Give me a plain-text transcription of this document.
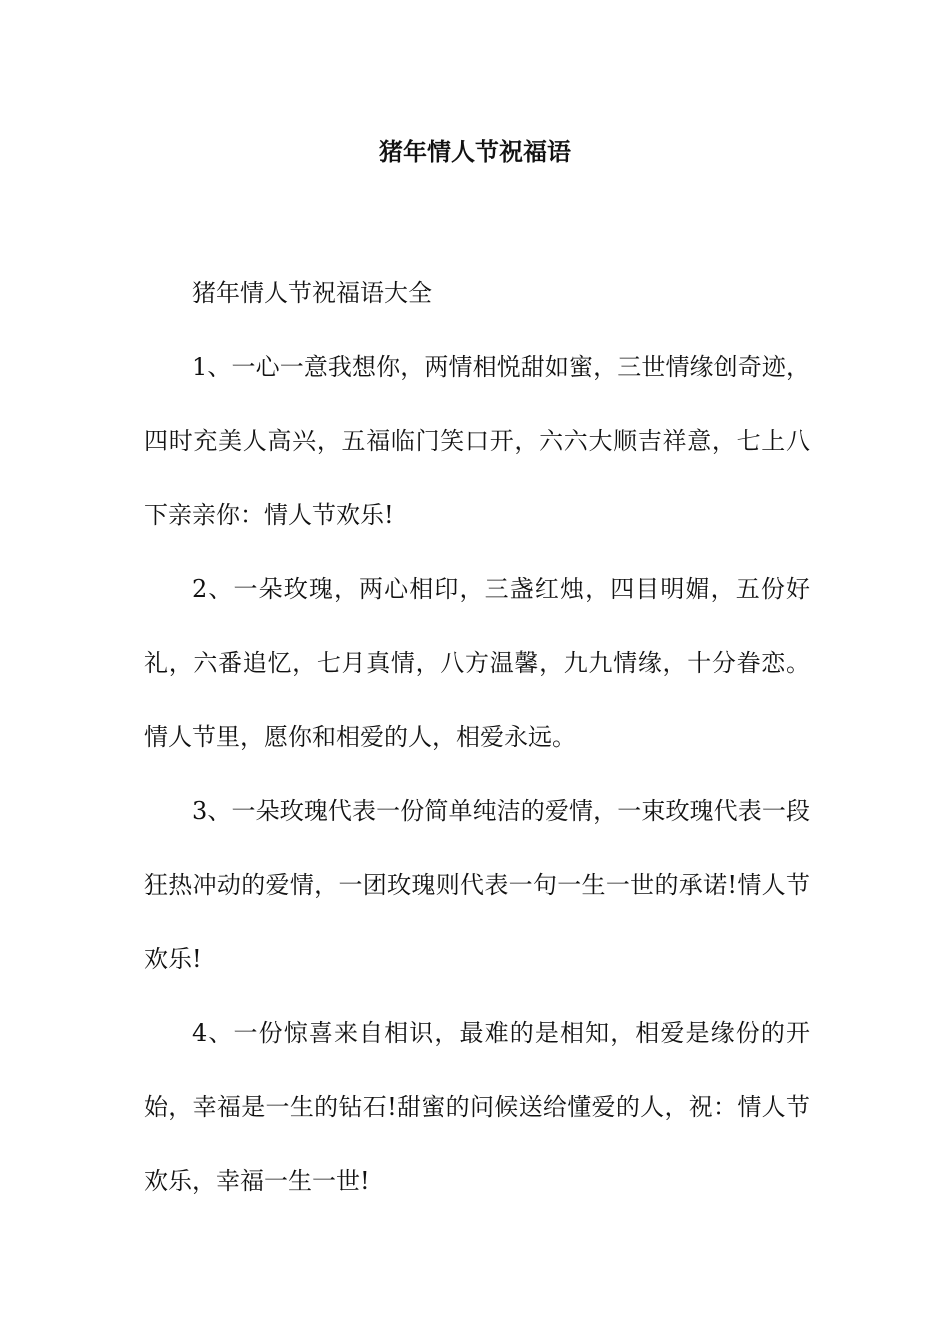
猪年情人节祝福语

猪年情人节祝福语大全

1、一心一意我想你，两情相悦甜如蜜，三世情缘创奇迹，四时充美人高兴，五福临门笑口开，六六大顺吉祥意，七上八下亲亲你：情人节欢乐!

2、一朵玫瑰，两心相印，三盏红烛，四目明媚，五份好礼，六番追忆，七月真情，八方温馨，九九情缘，十分眷恋。情人节里，愿你和相爱的人，相爱永远。

3、一朵玫瑰代表一份简单纯洁的爱情，一束玫瑰代表一段狂热冲动的爱情，一团玫瑰则代表一句一生一世的承诺!情人节欢乐!

4、一份惊喜来自相识，最难的是相知，相爱是缘份的开始，幸福是一生的钻石!甜蜜的问候送给懂爱的人，祝：情人节欢乐，幸福一生一世!
